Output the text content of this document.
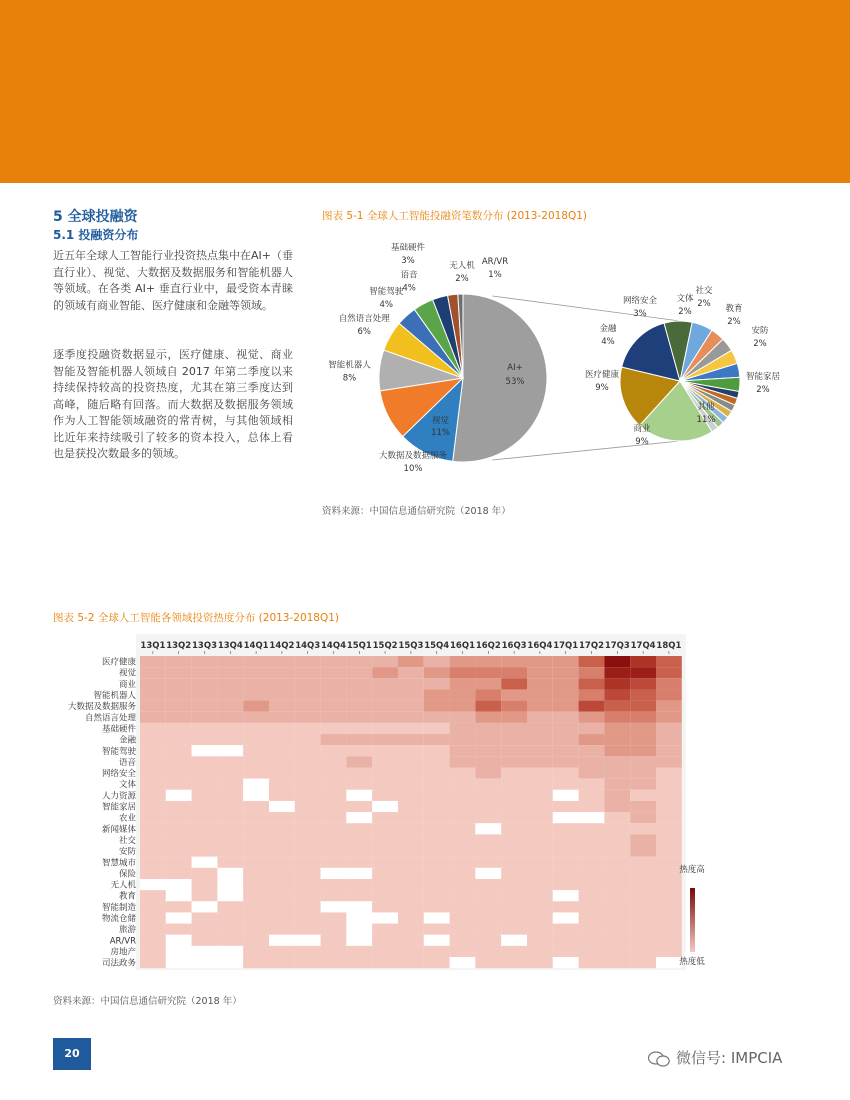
5 全球投融资
5.1 投融资分布

近五年全球人工智能行业投资热点集中在AI+（垂直行业）、视觉、大数据及数据服务和智能机器人等领域。在各类 AI+ 垂直行业中，最受资本青睐的领域有商业智能、医疗健康和金融等领域。

逐季度投融资数据显示，医疗健康、视觉、商业智能及智能机器人领域自 2017 年第二季度以来持续保持较高的投资热度，尤其在第三季度达到高峰，随后略有回落。而大数据及数据服务领域作为人工智能领域融资的常青树，与其他领域相比近年来持续吸引了较多的资本投入，总体上看也是获投次数最多的领域。

图表 5-1 全球人工智能投融资笔数分布 (2013-2018Q1)
AI+
53%
视觉
11%
大数据及数据服务
10%
智能机器人
8%
自然语言处理
6%
智能驾驶
4%
语音
4%
基础硬件
3%	无人机
2%
AR/VR
1%
其他
11%
商业
9%
医疗健康
9%
金融
4%
网络安全
3%
文体
2%
社交
2% 教育
2%
安防
2%
智能家居
2%
资料来源：中国信息通信研究院（2018 年）
图表 5-2 全球人工智能各领域投资热度分布 (2013-2018Q1)
13Q1 13Q2 13Q3 13Q4 14Q1 14Q2 14Q3 14Q4 15Q1 15Q2 15Q3 15Q4 16Q1 16Q2 16Q3 16Q4 17Q1 17Q2 17Q3 17Q4 18Q1
医疗健康
视觉
商业
智能机器人
大数据及数据服务
自然语言处理
基础硬件
金融
智能驾驶
语音
网络安全
文体
人力资源
智能家居
农业
新闻媒体
社交
安防
智慧城市
保险
无人机
教育
智能制造
物流仓储
旅游
AR/VR
房地产
司法政务
热度高
热度低
资料来源：中国信息通信研究院（2018 年）
20	微信号: IMPCIA
